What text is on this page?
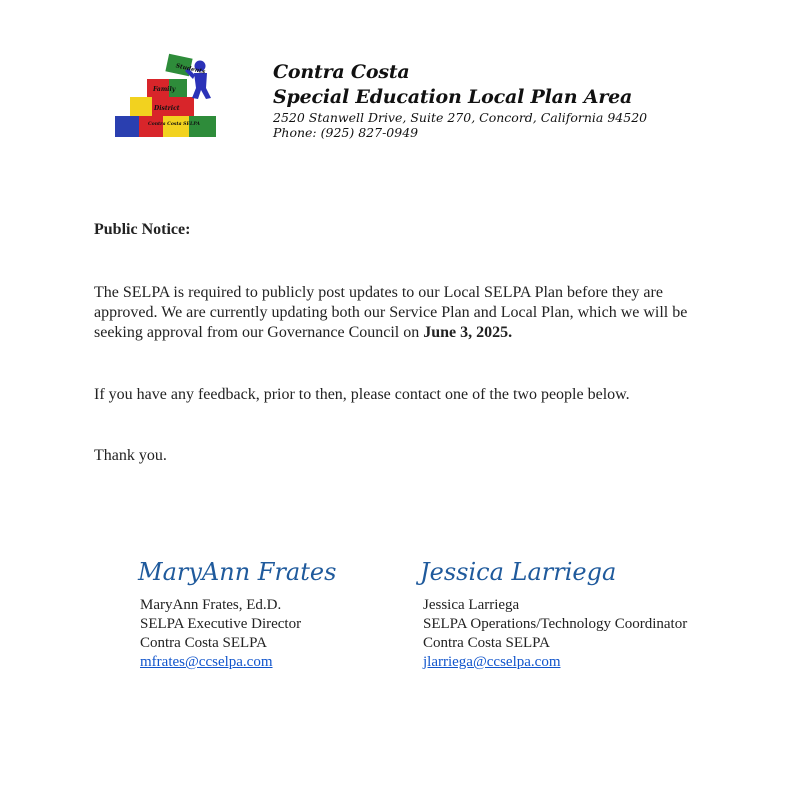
Students
Family
District
Contra Costa SELPA
Contra Costa
Special Education Local Plan Area
2520 Stanwell Drive, Suite 270, Concord, California 94520
Phone: (925) 827-0949
Public Notice:
The SELPA is required to publicly post updates to our Local SELPA Plan before they are approved. We are currently updating both our Service Plan and Local Plan, which we will be seeking approval from our Governance Council on June 3, 2025.
If you have any feedback, prior to then, please contact one of the two people below.
Thank you.
MaryAnn Frates
MaryAnn Frates, Ed.D.
SELPA Executive Director
Contra Costa SELPA
mfrates@ccselpa.com
Jessica Larriega
Jessica Larriega
SELPA Operations/Technology Coordinator
Contra Costa SELPA
jlarriega@ccselpa.com
